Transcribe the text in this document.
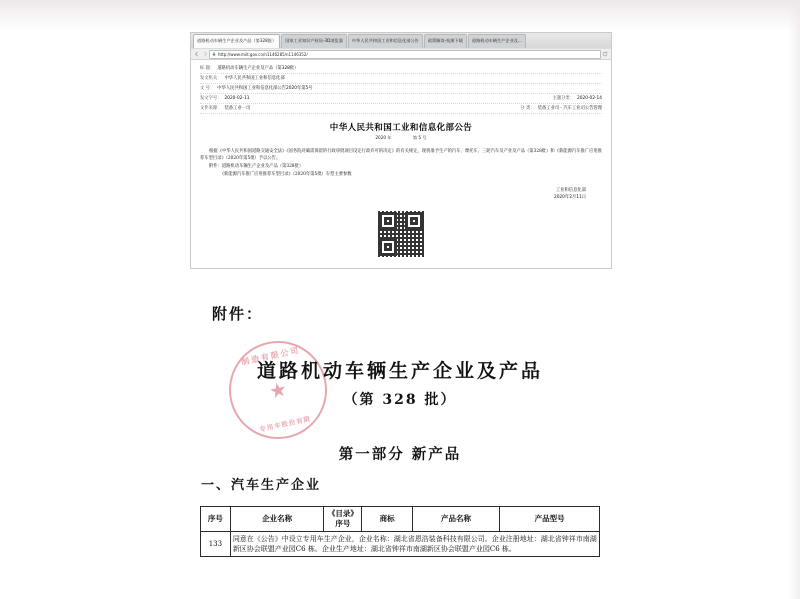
道路机动车辆生产企业及产品（第328批）	国家工业知识产权局-3D浏览器	中华人民共和国工业和信息化部公告	政策解读-检测下载	道路机动车辆生产企业及...
http://www.miit.gov.cn/n1146285/n1146352/
标 题： 道路机动车辆生产企业及产品（第328批）
发文机关： 中华人民共和国工业和信息化部
文 号： 中华人民共和国工业和信息化部公告2020年第5号
发文字号： 2020-02-11	主题分类： 2020-02-14
文件来源： 装备工业一司	分 类： 装备工业司 - 汽车工业司公告管理
中华人民共和国工业和信息化部公告
2020 年	第 5 号

根据《中华人民共和国道路交通安全法》《国务院对确需保留的行政审批项目设定行政许可的决定》的有关规定，现将准予生产的汽车、摩托车、三轮汽车及产业及产品（第328批）和《新能源汽车推广应用推荐车型目录》（2020年第5批）予以公告。

附件：道路机动车辆生产企业及产品（第328批）

　　　《新能源汽车推广应用推荐车型目录》（2020年第5批）车型主要参数

工业和信息化部
2020年2月11日
附件：
制造有限公司
★
专用车股份有限
道路机动车辆生产企业及产品
（第 328 批）
第一部分 新产品
一、汽车生产企业
序号	企业名称	《目录》序号	商标	产品名称	产品型号
133	同意在《公告》中设立专用车生产企业，企业名称：湖北省恩浩装备科技有限公司。企业注册地址：湖北省钟祥市南湖新区协会联盟产业园C6 栋。企业生产地址：湖北省钟祥市南湖新区协会联盟产业园C6 栋。				
